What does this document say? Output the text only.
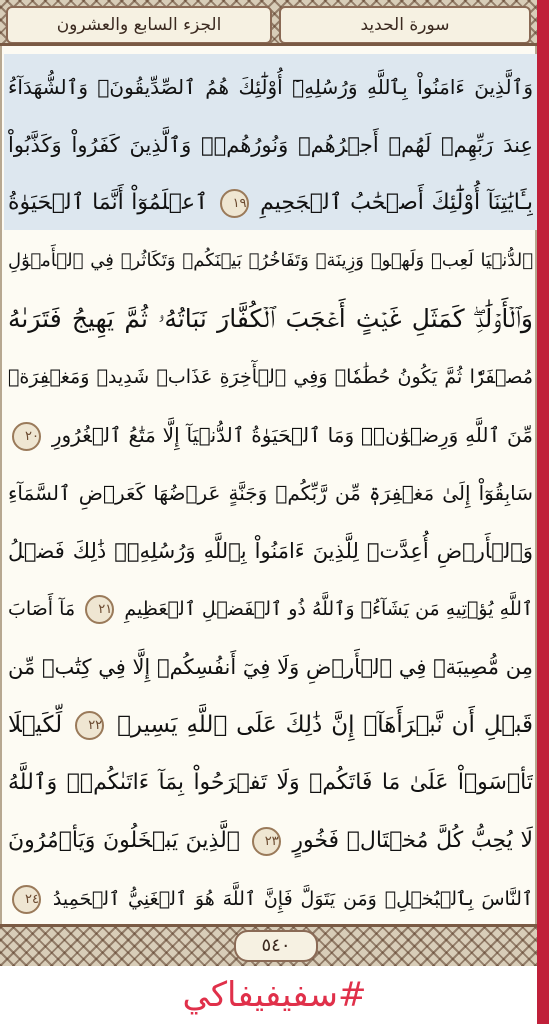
الجزء السابع والعشرون	سورة الحديد
وَٱلَّذِينَ ءَامَنُواْ بِٱللَّهِ وَرُسُلِهِۦٓ أُوْلَٰٓئِكَ هُمُ ٱلصِّدِّيقُونَۖ وَٱلشُّهَدَآءُ
عِندَ رَبِّهِمۡ لَهُمۡ أَجۡرُهُمۡ وَنُورُهُمۡۖ وَٱلَّذِينَ كَفَرُواْ وَكَذَّبُواْ
بِـَٔايَٰتِنَآ أُوْلَٰٓئِكَ أَصۡحَٰبُ ٱلۡجَحِيمِ ١٩ ٱعۡلَمُوٓاْ أَنَّمَا ٱلۡحَيَوٰةُ
ٱلدُّنۡيَا لَعِبٞ وَلَهۡوٞ وَزِينَةٞ وَتَفَاخُرُۢ بَيۡنَكُمۡ وَتَكَاثُرٞ فِي ٱلۡأَمۡوَٰلِ
وَٱلۡأَوۡلَٰدِۖ كَمَثَلِ غَيۡثٍ أَعۡجَبَ ٱلۡكُفَّارَ نَبَاتُهُۥ ثُمَّ يَهِيجُ فَتَرَىٰهُ
مُصۡفَرّٗا ثُمَّ يَكُونُ حُطَٰمٗاۖ وَفِي ٱلۡأٓخِرَةِ عَذَابٞ شَدِيدٞ وَمَغۡفِرَةٞ
مِّنَ ٱللَّهِ وَرِضۡوَٰنٞۚ وَمَا ٱلۡحَيَوٰةُ ٱلدُّنۡيَآ إِلَّا مَتَٰعُ ٱلۡغُرُورِ ٢٠
سَابِقُوٓاْ إِلَىٰ مَغۡفِرَةٖ مِّن رَّبِّكُمۡ وَجَنَّةٍ عَرۡضُهَا كَعَرۡضِ ٱلسَّمَآءِ
وَٱلۡأَرۡضِ أُعِدَّتۡ لِلَّذِينَ ءَامَنُواْ بِٱللَّهِ وَرُسُلِهِۦۚ ذَٰلِكَ فَضۡلُ
ٱللَّهِ يُؤۡتِيهِ مَن يَشَآءُۚ وَٱللَّهُ ذُو ٱلۡفَضۡلِ ٱلۡعَظِيمِ ٢١ مَآ أَصَابَ
مِن مُّصِيبَةٖ فِي ٱلۡأَرۡضِ وَلَا فِيٓ أَنفُسِكُمۡ إِلَّا فِي كِتَٰبٖ مِّن
قَبۡلِ أَن نَّبۡرَأَهَآۚ إِنَّ ذَٰلِكَ عَلَى ٱللَّهِ يَسِيرٞ ٢٢ لِّكَيۡلَا
تَأۡسَوۡاْ عَلَىٰ مَا فَاتَكُمۡ وَلَا تَفۡرَحُواْ بِمَآ ءَاتَىٰكُمۡۗ وَٱللَّهُ
لَا يُحِبُّ كُلَّ مُخۡتَالٖ فَخُورٍ ٢٣ ٱلَّذِينَ يَبۡخَلُونَ وَيَأۡمُرُونَ
ٱلنَّاسَ بِٱلۡبُخۡلِۗ وَمَن يَتَوَلَّ فَإِنَّ ٱللَّهَ هُوَ ٱلۡغَنِيُّ ٱلۡحَمِيدُ ٢٤
٥٤٠
#سفيفيفاكي
